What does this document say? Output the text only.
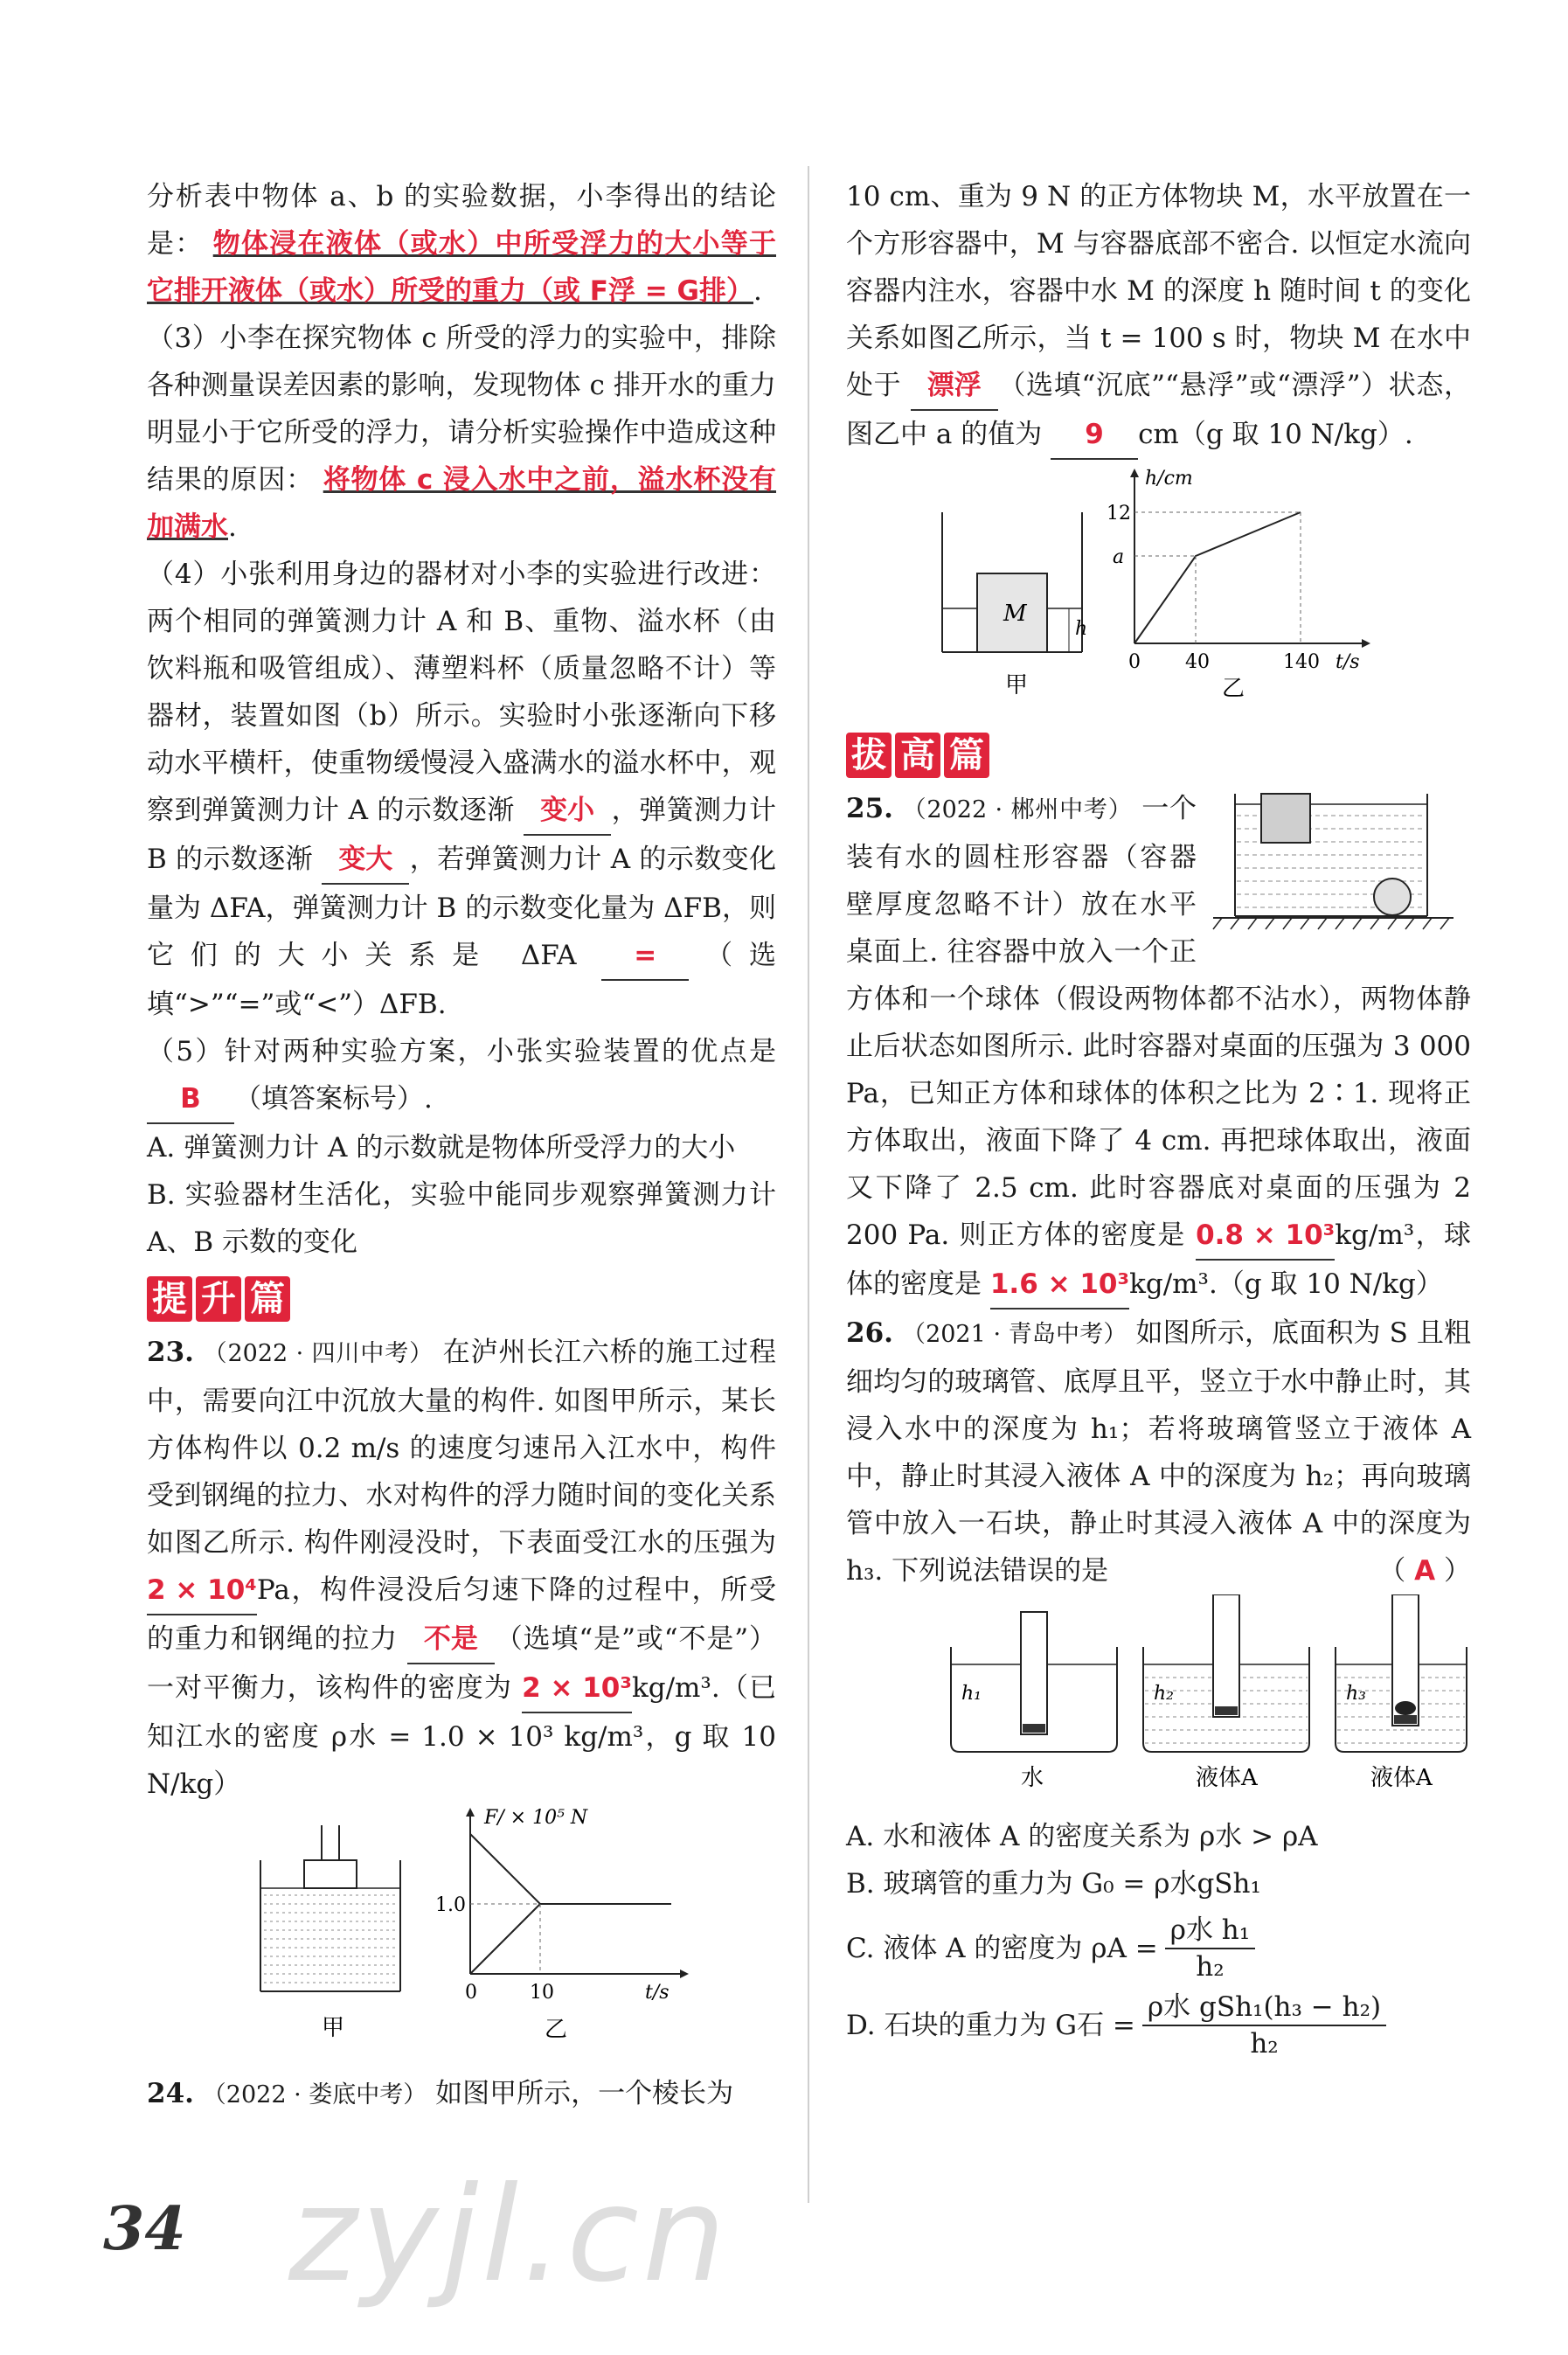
分析表中物体 a、b 的实验数据，小李得出的结论是： 物体浸在液体（或水）中所受浮力的大小等于它排开液体（或水）所受的重力（或 F浮 = G排）.

（3）小李在探究物体 c 所受的浮力的实验中，排除各种测量误差因素的影响，发现物体 c 排开水的重力明显小于它所受的浮力，请分析实验操作中造成这种结果的原因： 将物体 c 浸入水中之前，溢水杯没有加满水.

（4）小张利用身边的器材对小李的实验进行改进：两个相同的弹簧测力计 A 和 B、重物、溢水杯（由饮料瓶和吸管组成）、薄塑料杯（质量忽略不计）等器材，装置如图（b）所示。实验时小张逐渐向下移动水平横杆，使重物缓慢浸入盛满水的溢水杯中，观察到弹簧测力计 A 的示数逐渐 变小 ，弹簧测力计 B 的示数逐渐 变大 ，若弹簧测力计 A 的示数变化量为 ΔFA，弹簧测力计 B 的示数变化量为 ΔFB，则它们的大小关系是 ΔFA = （选填“>”“=”或“<”）ΔFB.

（5）针对两种实验方案，小张实验装置的优点是 B （填答案标号）.

A. 弹簧测力计 A 的示数就是物体所受浮力的大小

B. 实验器材生活化，实验中能同步观察弹簧测力计 A、B 示数的变化

提 升 篇

23. （2022 · 四川中考） 在泸州长江六桥的施工过程中，需要向江中沉放大量的构件. 如图甲所示，某长方体构件以 0.2 m/s 的速度匀速吊入江水中，构件受到钢绳的拉力、水对构件的浮力随时间的变化关系如图乙所示. 构件刚浸没时，下表面受江水的压强为 2 × 10⁴Pa，构件浸没后匀速下降的过程中，所受的重力和钢绳的拉力 不是 （选填“是”或“不是”）一对平衡力，该构件的密度为 2 × 10³kg/m³.（已知江水的密度 ρ水 = 1.0 × 10³ kg/m³，g 取 10 N/kg）

甲
F/ × 10⁵ N
1.0
0	10	t/s
乙

24. （2022 · 娄底中考） 如图甲所示，一个棱长为

10 cm、重为 9 N 的正方体物块 M，水平放置在一个方形容器中，M 与容器底部不密合. 以恒定水流向容器内注水，容器中水 M 的深度 h 随时间 t 的变化关系如图乙所示，当 t = 100 s 时，物块 M 在水中处于 漂浮 （选填“沉底”“悬浮”或“漂浮”）状态，图乙中 a 的值为 9 cm（g 取 10 N/kg）.

M
h
甲
h/cm
12
a
0 40	140 t/s
乙
拔 高 篇

25. （2022 · 郴州中考） 一个装有水的圆柱形容器（容器壁厚度忽略不计）放在水平桌面上. 往容器中放入一个正方体和一个球体（假设两物体都不沾水），两物体静止后状态如图所示. 此时容器对桌面的压强为 3 000 Pa，已知正方体和球体的体积之比为 2∶1. 现将正方体取出，液面下降了 4 cm. 再把球体取出，液面又下降了 2.5 cm. 此时容器底对桌面的压强为 2 200 Pa. 则正方体的密度是 0.8 × 10³kg/m³，球体的密度是 1.6 × 10³kg/m³.（g 取 10 N/kg）

26. （2021 · 青岛中考） 如图所示，底面积为 S 且粗细均匀的玻璃管、底厚且平，竖立于水中静止时，其浸入水中的深度为 h₁；若将玻璃管竖立于液体 A 中，静止时其浸入液体 A 中的深度为 h₂；再向玻璃管中放入一石块，静止时其浸入液体 A 中的深度为 h₃. 下列说法错误的是	（ A ）

h₁
水
h₂
液体A
h₃
液体A

A. 水和液体 A 的密度关系为 ρ水 > ρA

B. 玻璃管的重力为 G₀ = ρ水gSh₁

C. 液体 A 的密度为 ρA =
ρ水 h₁
h₂
D. 石块的重力为 G石 =
ρ水 gSh₁(h₃ − h₂)
h₂
zyjl.cn
34
